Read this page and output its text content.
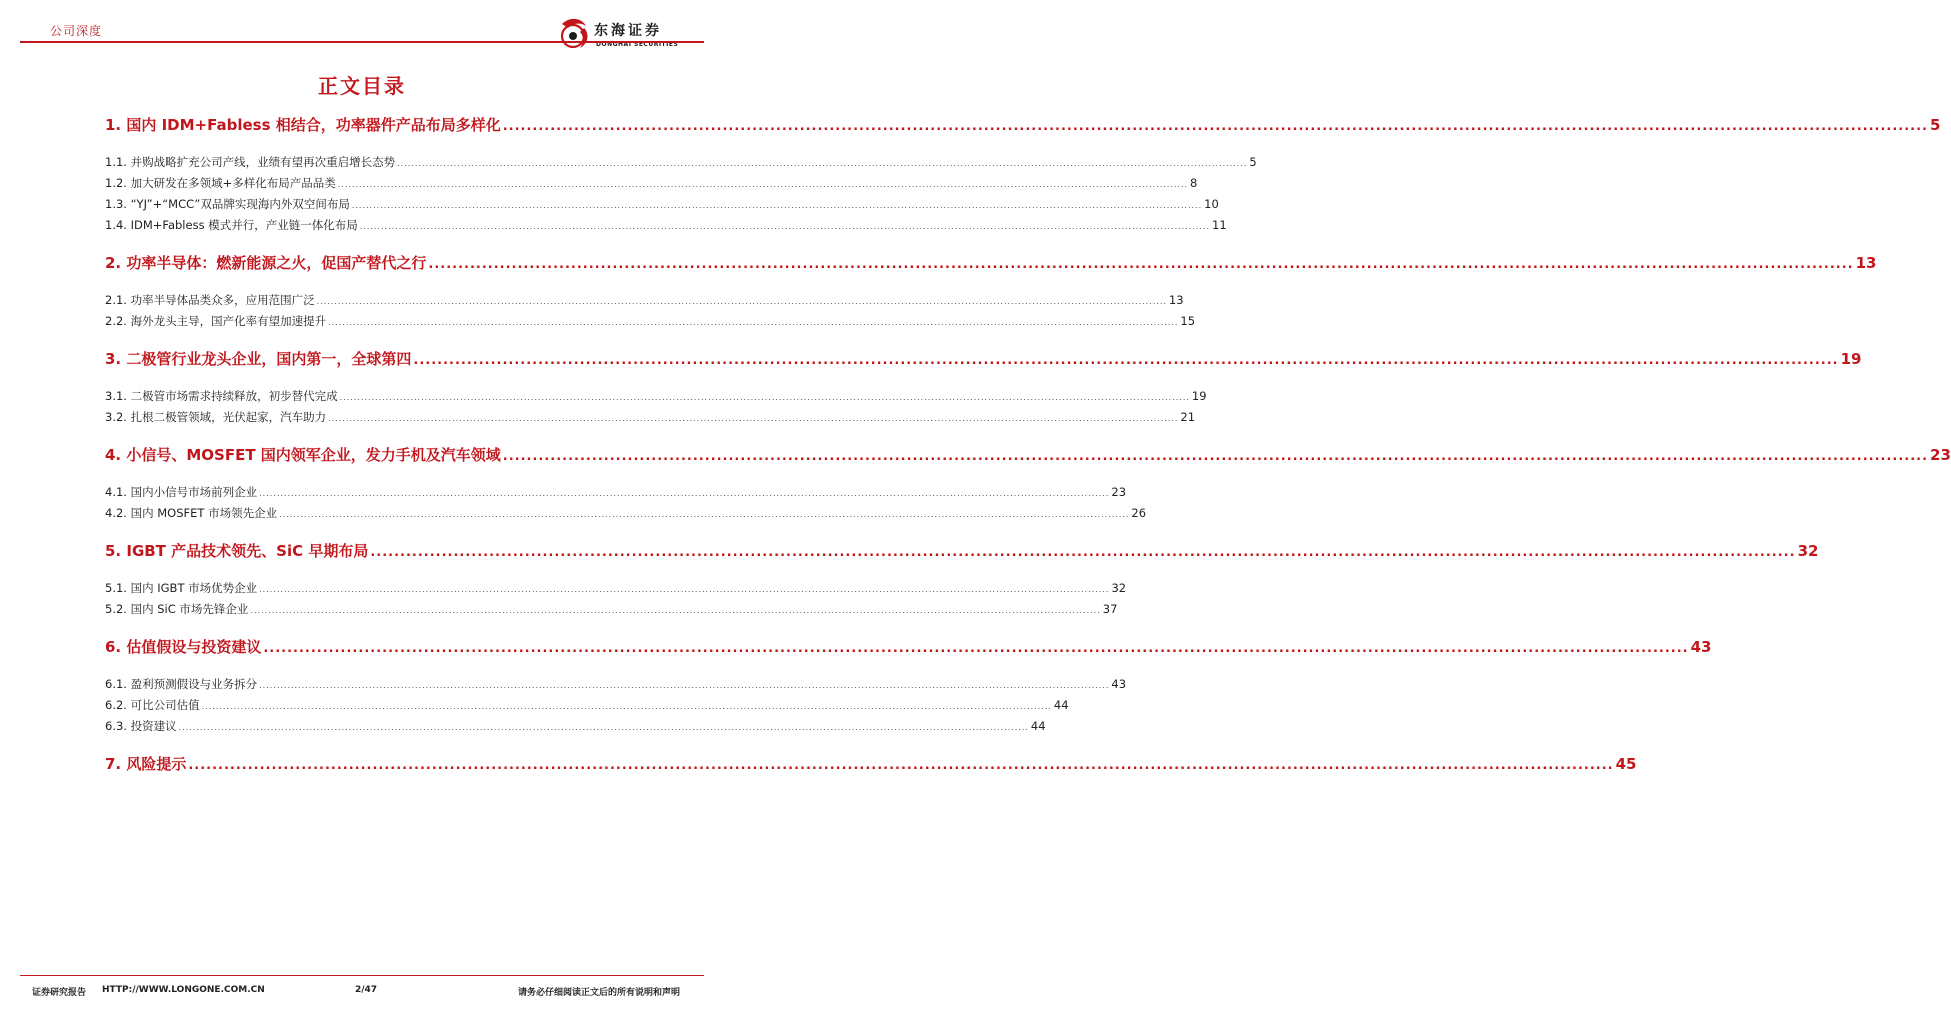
公司深度	东海证券
DONGHAI SECURITIES
正文目录
1. 国内 IDM+Fabless 相结合，功率器件产品布局多样化 ................................................................................................................................................................................................................................................ 5
1.1. 并购战略扩充公司产线，业绩有望再次重启增长态势 ................................................................................................................................................................................................................................................ 5
1.2. 加大研发在多领域+多样化布局产品品类 ................................................................................................................................................................................................................................................ 8
1.3. “YJ”+“MCC”双品牌实现海内外双空间布局 ................................................................................................................................................................................................................................................ 10
1.4. IDM+Fabless 模式并行，产业链一体化布局 ................................................................................................................................................................................................................................................ 11
2. 功率半导体：燃新能源之火，促国产替代之行 ................................................................................................................................................................................................................................................ 13
2.1. 功率半导体品类众多，应用范围广泛 ................................................................................................................................................................................................................................................ 13
2.2. 海外龙头主导，国产化率有望加速提升 ................................................................................................................................................................................................................................................ 15
3. 二极管行业龙头企业，国内第一，全球第四 ................................................................................................................................................................................................................................................ 19
3.1. 二极管市场需求持续释放，初步替代完成 ................................................................................................................................................................................................................................................ 19
3.2. 扎根二极管领域，光伏起家，汽车助力 ................................................................................................................................................................................................................................................ 21
4. 小信号、MOSFET 国内领军企业，发力手机及汽车领域 ................................................................................................................................................................................................................................................ 23
4.1. 国内小信号市场前列企业 ................................................................................................................................................................................................................................................ 23
4.2. 国内 MOSFET 市场领先企业 ................................................................................................................................................................................................................................................ 26
5. IGBT 产品技术领先、SiC 早期布局 ................................................................................................................................................................................................................................................ 32
5.1. 国内 IGBT 市场优势企业 ................................................................................................................................................................................................................................................ 32
5.2. 国内 SiC 市场先锋企业 ................................................................................................................................................................................................................................................ 37
6. 估值假设与投资建议 ................................................................................................................................................................................................................................................ 43
6.1. 盈利预测假设与业务拆分 ................................................................................................................................................................................................................................................ 43
6.2. 可比公司估值 ................................................................................................................................................................................................................................................ 44
6.3. 投资建议 ................................................................................................................................................................................................................................................ 44
7. 风险提示 ................................................................................................................................................................................................................................................ 45
证券研究报告 HTTP://WWW.LONGONE.COM.CN	2/47	请务必仔细阅读正文后的所有说明和声明
